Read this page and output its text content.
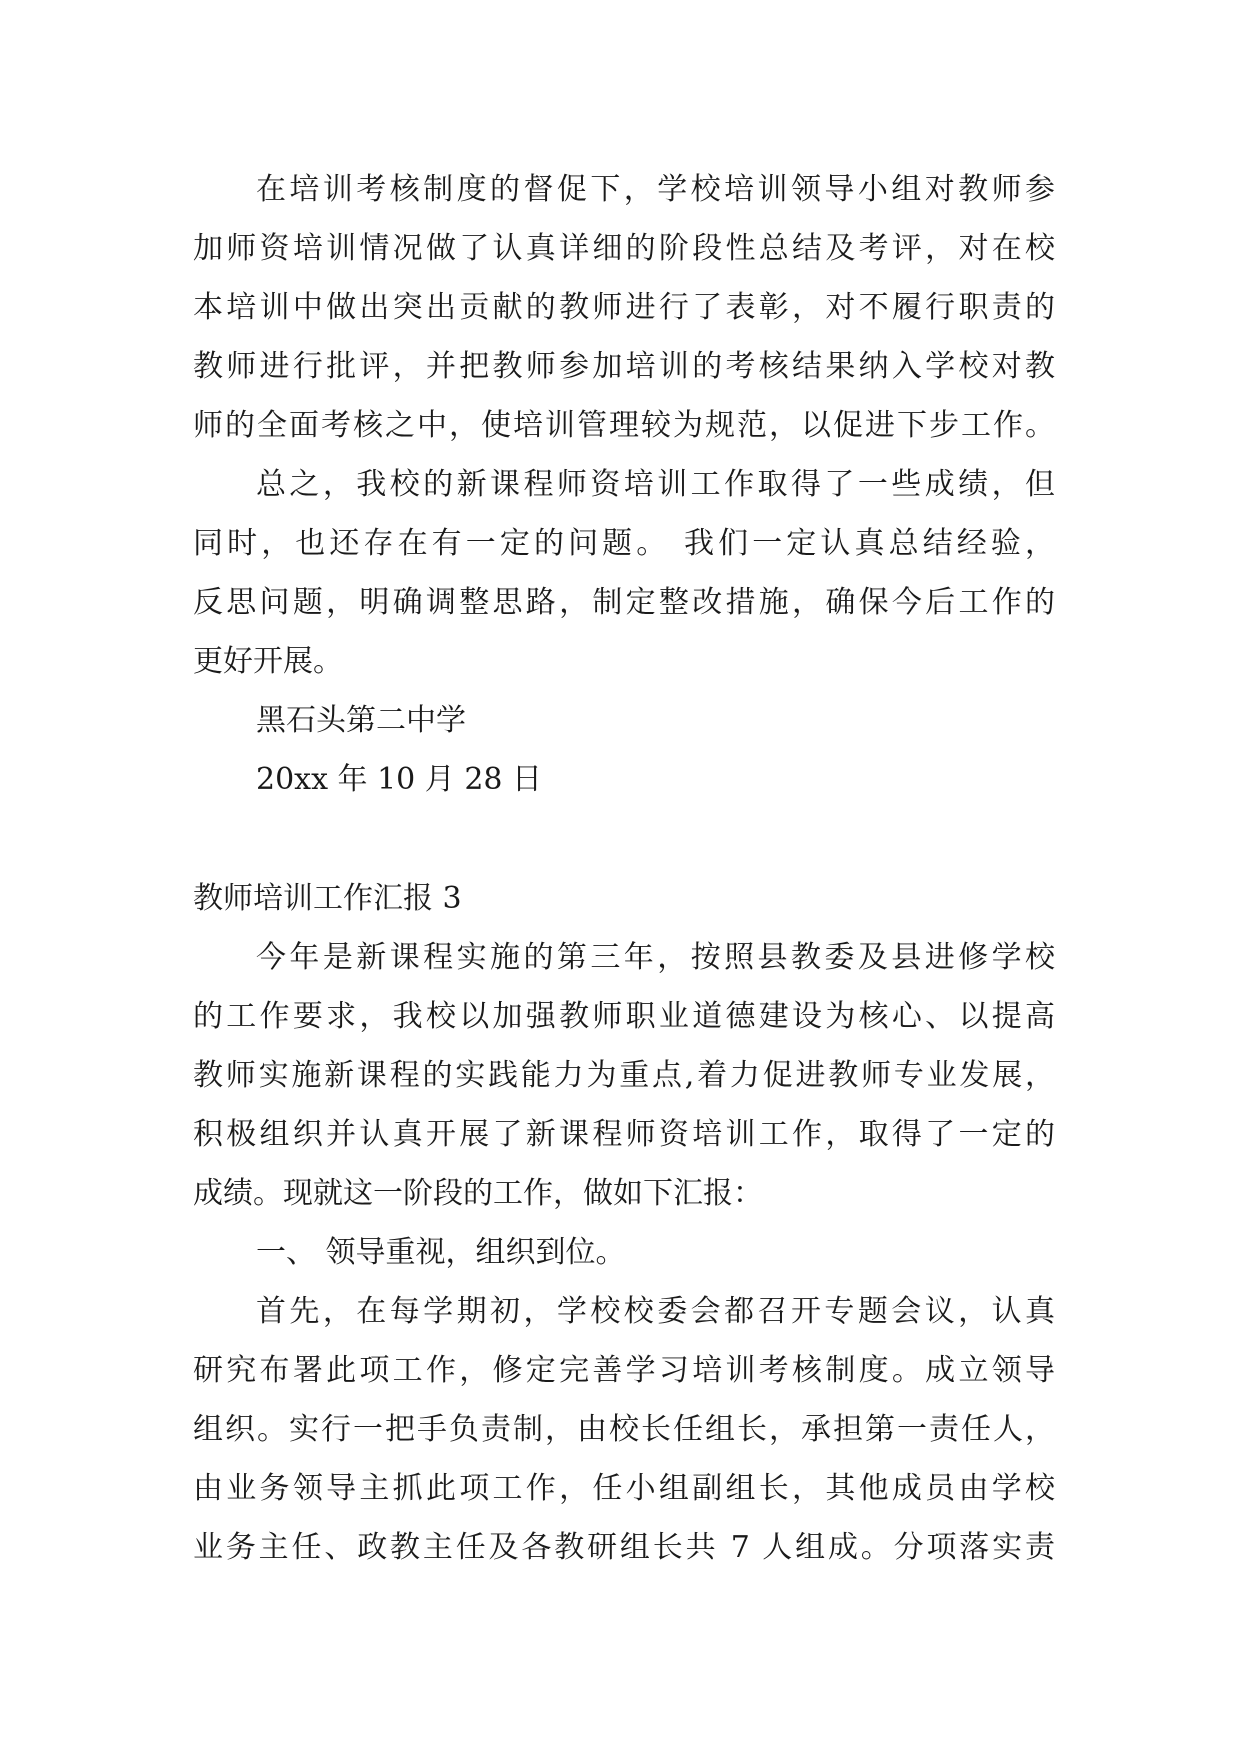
在培训考核制度的督促下，学校培训领导小组对教师参
加师资培训情况做了认真详细的阶段性总结及考评，对在校
本培训中做出突出贡献的教师进行了表彰，对不履行职责的
教师进行批评，并把教师参加培训的考核结果纳入学校对教
师的全面考核之中，使培训管理较为规范，以促进下步工作。
总之，我校的新课程师资培训工作取得了一些成绩，但
同时，也还存在有一定的问题。 我们一定认真总结经验，
反思问题，明确调整思路，制定整改措施，确保今后工作的
更好开展。
黑石头第二中学
20xx 年 10 月 28 日
教师培训工作汇报 3
今年是新课程实施的第三年，按照县教委及县进修学校
的工作要求，我校以加强教师职业道德建设为核心、以提高
教师实施新课程的实践能力为重点,着力促进教师专业发展，
积极组织并认真开展了新课程师资培训工作，取得了一定的
成绩。现就这一阶段的工作，做如下汇报：
一、 领导重视，组织到位。
首先，在每学期初，学校校委会都召开专题会议，认真
研究布署此项工作，修定完善学习培训考核制度。成立领导
组织。实行一把手负责制，由校长任组长，承担第一责任人，
由业务领导主抓此项工作，任小组副组长，其他成员由学校
业务主任、政教主任及各教研组长共 7 人组成。分项落实责
